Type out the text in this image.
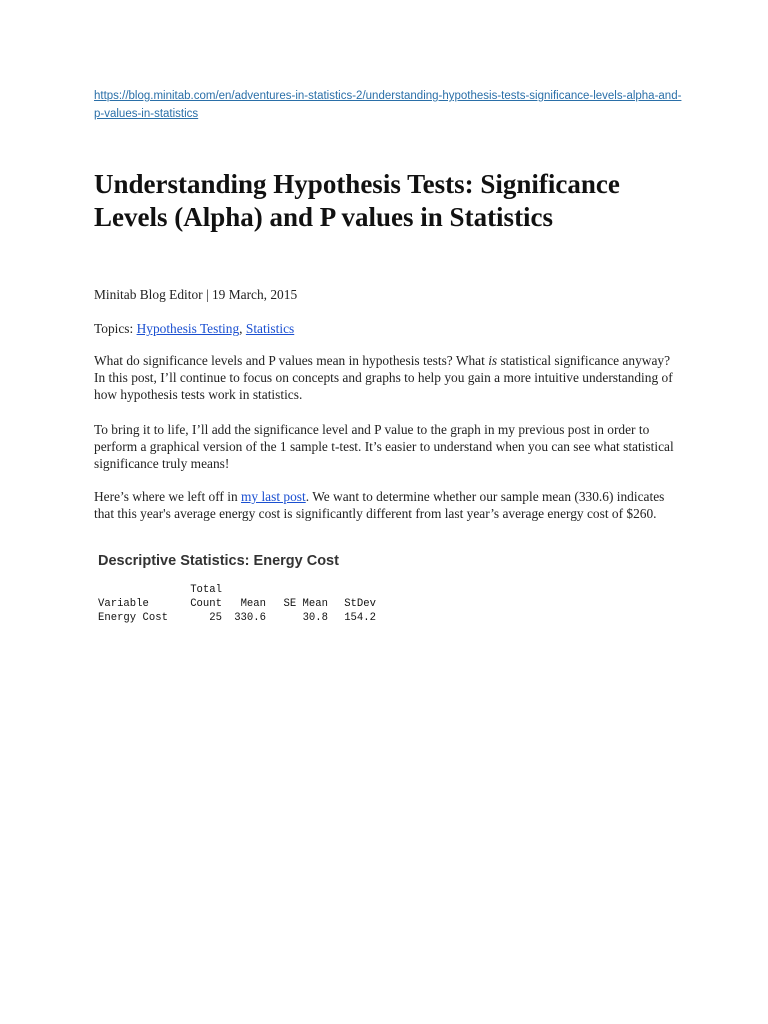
https://blog.minitab.com/en/adventures-in-statistics-2/understanding-hypothesis-tests-significance-levels-alpha-and-p-values-in-statistics
Understanding Hypothesis Tests: Significance Levels (Alpha) and P values in Statistics

Minitab Blog Editor | 19 March, 2015

Topics: Hypothesis Testing, Statistics

What do significance levels and P values mean in hypothesis tests? What is statistical significance anyway? In this post, I’ll continue to focus on concepts and graphs to help you gain a more intuitive understanding of how hypothesis tests work in statistics.

To bring it to life, I’ll add the significance level and P value to the graph in my previous post in order to perform a graphical version of the 1 sample t-test. It’s easier to understand when you can see what statistical significance truly means!

Here’s where we left off in my last post. We want to determine whether our sample mean (330.6) indicates that this year's average energy cost is significantly different from last year’s average energy cost of $260.

Descriptive Statistics: Energy Cost
	Total			
Variable	Count	Mean	SE Mean	StDev
Energy Cost	25	330.6	30.8	154.2
